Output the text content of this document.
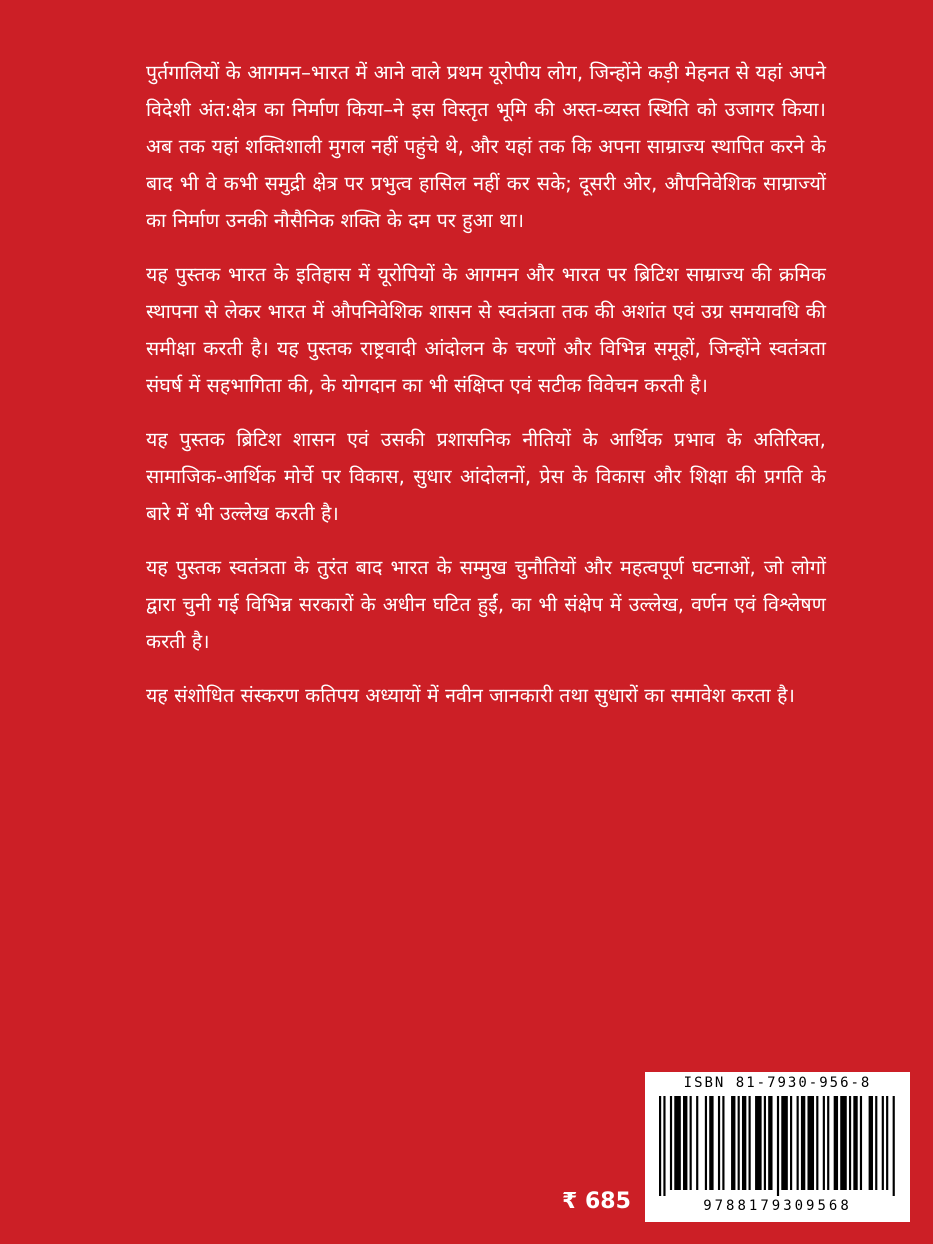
पुर्तगालियों के आगमन–भारत में आने वाले प्रथम यूरोपीय लोग, जिन्होंने कड़ी मेहनत से यहां अपने विदेशी अंत:क्षेत्र का निर्माण किया–ने इस विस्तृत भूमि की अस्त-व्यस्त स्थिति को उजागर किया। अब तक यहां शक्तिशाली मुगल नहीं पहुंचे थे, और यहां तक कि अपना साम्राज्य स्थापित करने के बाद भी वे कभी समुद्री क्षेत्र पर प्रभुत्व हासिल नहीं कर सके; दूसरी ओर, औपनिवेशिक साम्राज्यों का निर्माण उनकी नौसैनिक शक्ति के दम पर हुआ था।

यह पुस्तक भारत के इतिहास में यूरोपियों के आगमन और भारत पर ब्रिटिश साम्राज्य की क्रमिक स्थापना से लेकर भारत में औपनिवेशिक शासन से स्वतंत्रता तक की अशांत एवं उग्र समयावधि की समीक्षा करती है। यह पुस्तक राष्ट्रवादी आंदोलन के चरणों और विभिन्न समूहों, जिन्होंने स्वतंत्रता संघर्ष में सहभागिता की, के योगदान का भी संक्षिप्त एवं सटीक विवेचन करती है।

यह पुस्तक ब्रिटिश शासन एवं उसकी प्रशासनिक नीतियों के आर्थिक प्रभाव के अतिरिक्त, सामाजिक-आर्थिक मोर्चे पर विकास, सुधार आंदोलनों, प्रेस के विकास और शिक्षा की प्रगति के बारे में भी उल्लेख करती है।

यह पुस्तक स्वतंत्रता के तुरंत बाद भारत के सम्मुख चुनौतियों और महत्वपूर्ण घटनाओं, जो लोगों द्वारा चुनी गई विभिन्न सरकारों के अधीन घटित हुईं, का भी संक्षेप में उल्लेख, वर्णन एवं विश्लेषण करती है।

यह संशोधित संस्करण कतिपय अध्यायों में नवीन जानकारी तथा सुधारों का समावेश करता है।

₹ 685
ISBN 81-7930-956-8
9788179309568
